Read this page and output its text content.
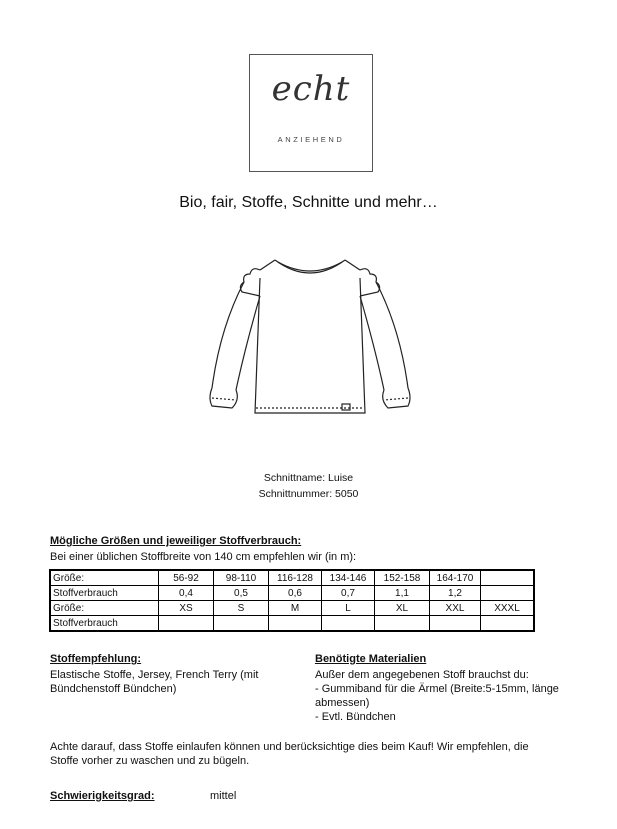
echt
ANZIEHEND
Bio, fair, Stoffe, Schnitte und mehr…
Schnittname: Luise
Schnittnummer: 5050
Mögliche Größen und jeweiliger Stoffverbrauch:
Bei einer üblichen Stoffbreite von 140 cm empfehlen wir (in m):
Größe:	56-92	98-110	116-128	134-146	152-158	164-170	
Stoffverbrauch	0,4	0,5	0,6	0,7	1,1	1,2	
Größe:	XS	S	M	L	XL	XXL	XXXL
Stoffverbrauch							
Stoffempfehlung:
Elastische Stoffe, Jersey, French Terry (mit
Bündchenstoff Bündchen)
Benötigte Materialien
Außer dem angegebenen Stoff brauchst du:
- Gummiband für die Ärmel (Breite:5-15mm, länge
abmessen)
- Evtl. Bündchen
Achte darauf, dass Stoffe einlaufen können und berücksichtige dies beim Kauf! Wir empfehlen, die
Stoffe vorher zu waschen und zu bügeln.
Schwierigkeitsgrad:	mittel
